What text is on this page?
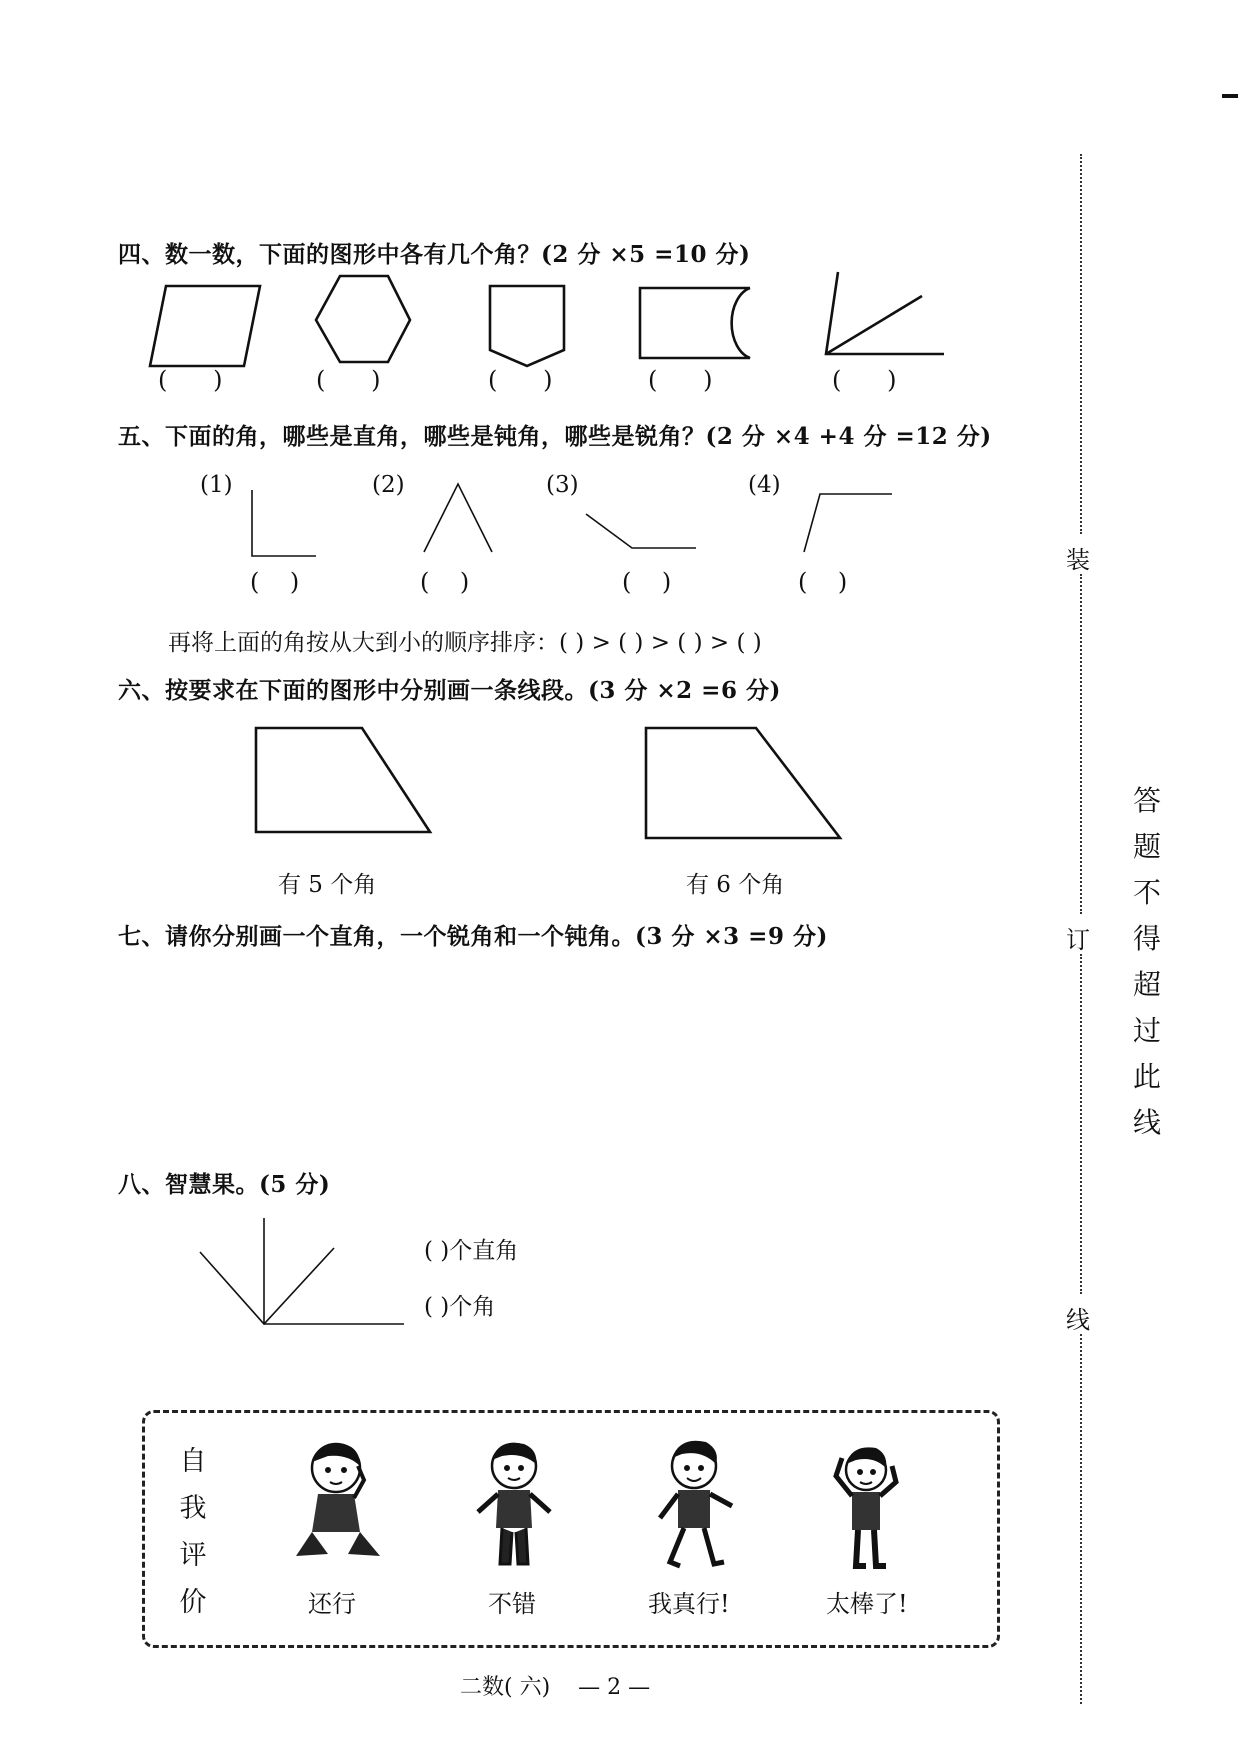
四、数一数，下面的图形中各有几个角？(2 分 ×5 =10 分)
(      )	(      )	(      )	(      )	(      )
五、下面的角，哪些是直角，哪些是钝角，哪些是锐角？(2 分 ×4 +4 分 =12 分)
(1)	(2)	(3)	(4)
(    )	(    )	(    )	(    )
再将上面的角按从大到小的顺序排序：( ) > ( ) > ( ) > ( )
六、按要求在下面的图形中分别画一条线段。(3 分 ×2 =6 分)
有 5 个角	有 6 个角
七、请你分别画一个直角，一个锐角和一个钝角。(3 分 ×3 =9 分)
八、智慧果。(5 分)
( )个直角
( )个角
自我评价	还行	不错	我真行!	太棒了!
二数( 六)    — 2 —
装
订
线
答题不得超过此线
